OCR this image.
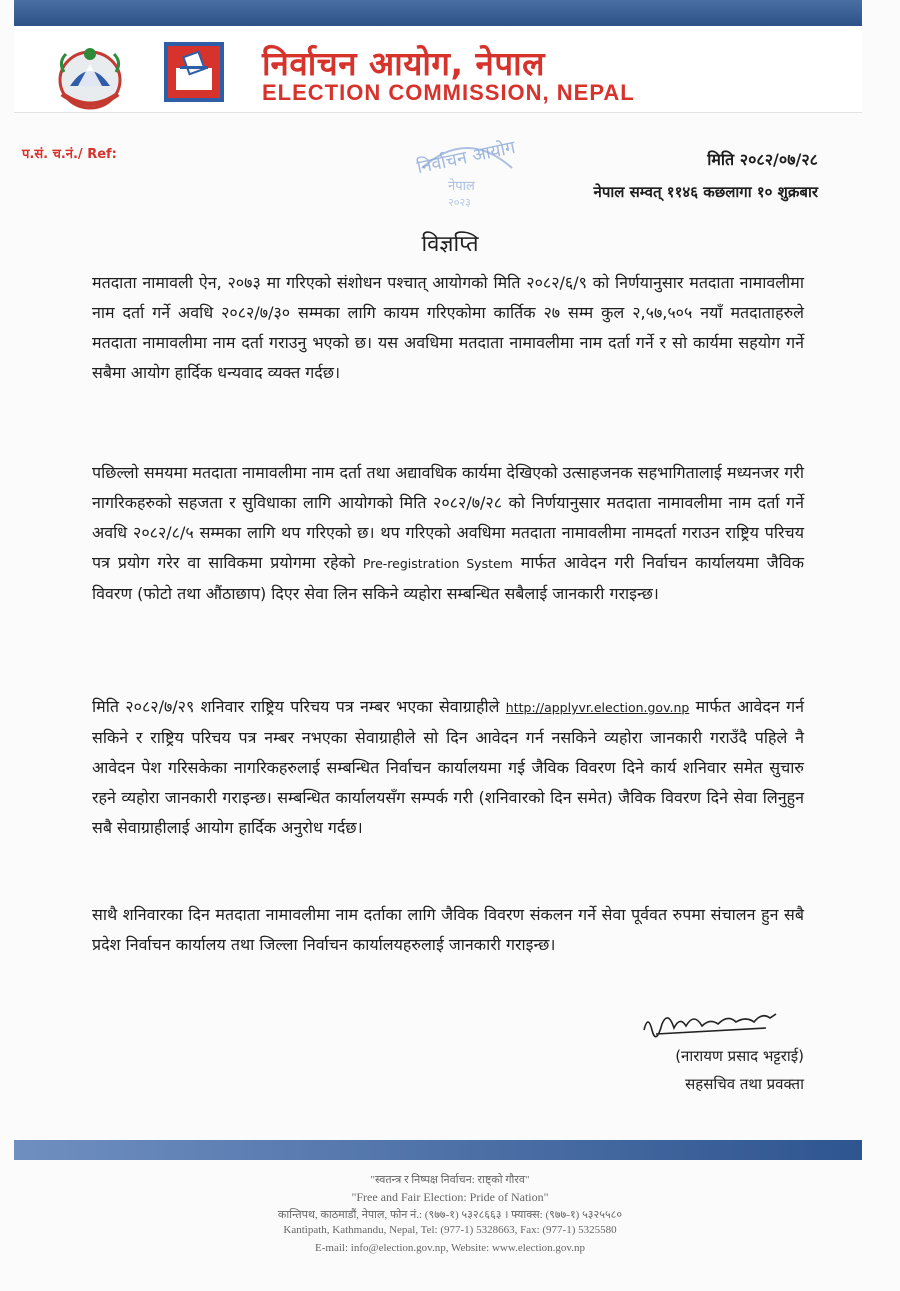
निर्वाचन आयोग, नेपाल
ELECTION COMMISSION, NEPAL
प.सं. च.नं./ Ref:	निर्वाचन आयोग
नेपाल
२०२३
मिति २०८२/०७/२८
नेपाल सम्वत् ११४६ कछलागा १० शुक्रबार
विज्ञप्ति
मतदाता नामावली ऐन, २०७३ मा गरिएको संशोधन पश्चात् आयोगको मिति २०८२/६/९ को निर्णयानुसार मतदाता नामावलीमा नाम दर्ता गर्ने अवधि २०८२/७/३० सम्मका लागि कायम गरिएकोमा कार्तिक २७ सम्म कुल २,५७,५०५ नयाँ मतदाताहरुले मतदाता नामावलीमा नाम दर्ता गराउनु भएको छ। यस अवधिमा मतदाता नामावलीमा नाम दर्ता गर्ने र सो कार्यमा सहयोग गर्ने सबैमा आयोग हार्दिक धन्यवाद व्यक्त गर्दछ।
पछिल्लो समयमा मतदाता नामावलीमा नाम दर्ता तथा अद्यावधिक कार्यमा देखिएको उत्साहजनक सहभागितालाई मध्यनजर गरी नागरिकहरुको सहजता र सुविधाका लागि आयोगको मिति २०८२/७/२८ को निर्णयानुसार मतदाता नामावलीमा नाम दर्ता गर्ने अवधि २०८२/८/५ सम्मका लागि थप गरिएको छ। थप गरिएको अवधिमा मतदाता नामावलीमा नामदर्ता गराउन राष्ट्रिय परिचय पत्र प्रयोग गरेर वा साविकमा प्रयोगमा रहेको Pre-registration System मार्फत आवेदन गरी निर्वाचन कार्यालयमा जैविक विवरण (फोटो तथा औंठाछाप) दिएर सेवा लिन सकिने व्यहोरा सम्बन्धित सबैलाई जानकारी गराइन्छ।
मिति २०८२/७/२९ शनिवार राष्ट्रिय परिचय पत्र नम्बर भएका सेवाग्राहीले http://applyvr.election.gov.np मार्फत आवेदन गर्न सकिने र राष्ट्रिय परिचय पत्र नम्बर नभएका सेवाग्राहीले सो दिन आवेदन गर्न नसकिने व्यहोरा जानकारी गराउँदै पहिले नै आवेदन पेश गरिसकेका नागरिकहरुलाई सम्बन्धित निर्वाचन कार्यालयमा गई जैविक विवरण दिने कार्य शनिवार समेत सुचारु रहने व्यहोरा जानकारी गराइन्छ। सम्बन्धित कार्यालयसँग सम्पर्क गरी (शनिवारको दिन समेत) जैविक विवरण दिने सेवा लिनुहुन सबै सेवाग्राहीलाई आयोग हार्दिक अनुरोध गर्दछ।
साथै शनिवारका दिन मतदाता नामावलीमा नाम दर्ताका लागि जैविक विवरण संकलन गर्ने सेवा पूर्ववत रुपमा संचालन हुन सबै प्रदेश निर्वाचन कार्यालय तथा जिल्ला निर्वाचन कार्यालयहरुलाई जानकारी गराइन्छ।
(नारायण प्रसाद भट्टराई)
सहसचिव तथा प्रवक्ता
"स्वतन्त्र र निष्पक्ष निर्वाचन: राष्ट्को गौरव"
"Free and Fair Election: Pride of Nation"
कान्तिपथ, काठमाडौं, नेपाल, फोन नं.: (९७७-१) ५३२८६६३ । फ्याक्स: (९७७-१) ५३२५५८०
Kantipath, Kathmandu, Nepal, Tel: (977-1) 5328663, Fax: (977-1) 5325580
E-mail: info@election.gov.np, Website: www.election.gov.np
